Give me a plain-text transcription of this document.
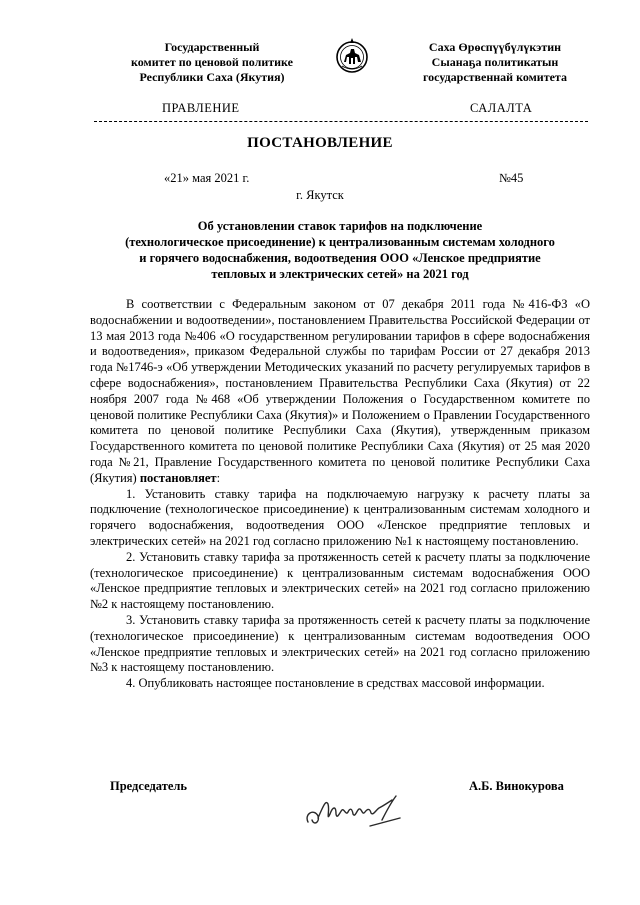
Государственный
комитет по ценовой политике
Республики Саха (Якутия)
Саха Өрөспүүбүлүкэтин
Сыанаҕа политикатын
государственнай комитета
ПРАВЛЕНИЕ	САЛАЛТА
ПОСТАНОВЛЕНИЕ
«21» мая 2021 г.	№45
г. Якутск
Об установлении ставок тарифов на подключение
(технологическое присоединение) к централизованным системам холодного
и горячего водоснабжения, водоотведения ООО «Ленское предприятие
тепловых и электрических сетей» на 2021 год

В соответствии с Федеральным законом от 07 декабря 2011 года №416-ФЗ «О водоснабжении и водоотведении», постановлением Правительства Российской Федерации от 13 мая 2013 года №406 «О государственном регулировании тарифов в сфере водоснабжения и водоотведения», приказом Федеральной службы по тарифам России от 27 декабря 2013 года №1746-э «Об утверждении Методических указаний по расчету регулируемых тарифов в сфере водоснабжения», постановлением Правительства Республики Саха (Якутия) от 22 ноября 2007 года №468 «Об утверждении Положения о Государственном комитете по ценовой политике Республики Саха (Якутия)» и Положением о Правлении Государственного комитета по ценовой политике Республики Саха (Якутия), утвержденным приказом Государственного комитета по ценовой политике Республики Саха (Якутия) от 25 мая 2020 года №21, Правление Государственного комитета по ценовой политике Республики Саха (Якутия) постановляет:

1. Установить ставку тарифа на подключаемую нагрузку к расчету платы за подключение (технологическое присоединение) к централизованным системам холодного и горячего водоснабжения, водоотведения ООО «Ленское предприятие тепловых и электрических сетей» на 2021 год согласно приложению №1 к настоящему постановлению.

2. Установить ставку тарифа за протяженность сетей к расчету платы за подключение (технологическое присоединение) к централизованным системам водоснабжения ООО «Ленское предприятие тепловых и электрических сетей» на 2021 год согласно приложению №2 к настоящему постановлению.

3. Установить ставку тарифа за протяженность сетей к расчету платы за подключение (технологическое присоединение) к централизованным системам водоотведения ООО «Ленское предприятие тепловых и электрических сетей» на 2021 год согласно приложению №3 к настоящему постановлению.

4. Опубликовать настоящее постановление в средствах массовой информации.

Председатель	А.Б. Винокурова
